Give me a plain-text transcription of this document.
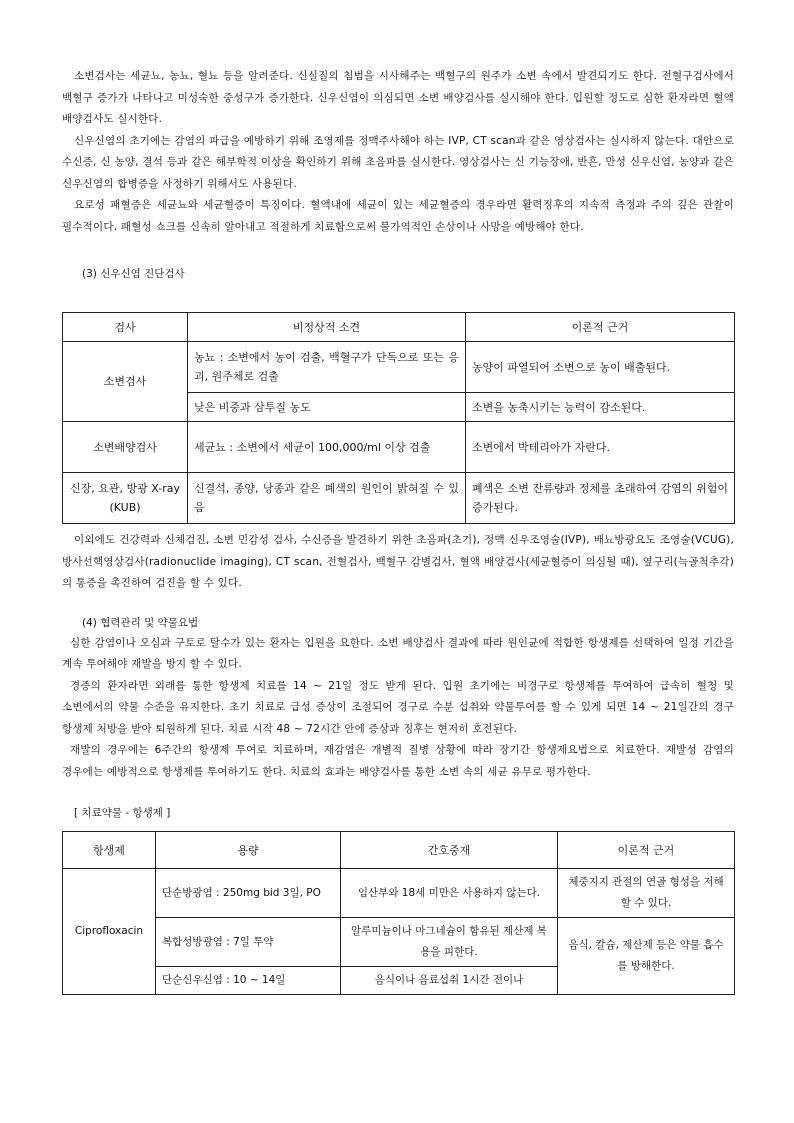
소변검사는 세균뇨, 농뇨, 혈뇨 등을 알려준다. 신실질의 침범을 시사해주는 백혈구의 원주가 소변 속에서 발견되기도 한다. 전혈구검사에서 백혈구 증가가 나타나고 미성숙한 중성구가 증가한다. 신우신염이 의심되면 소변 배양검사를 실시해야 한다. 입원할 정도로 심한 환자라면 혈액 배양검사도 실시한다.

신우신염의 초기에는 감염의 파급을 예방하기 위해 조영제를 정맥주사해야 하는 IVP, CT scan과 같은 영상검사는 실시하지 않는다. 대안으로 수신증, 신 농양, 결석 등과 같은 해부학적 이상을 확인하기 위해 초음파를 실시한다. 영상검사는 신 기능장애, 반흔, 만성 신우신염, 농양과 같은 신우신염의 합병증을 사정하기 위해서도 사용된다.

요로성 패혈증은 세균뇨와 세균혈증이 특징이다. 혈액내에 세균이 있는 세균혈증의 경우라면 활력징후의 지속적 측정과 주의 깊은 관찰이 필수적이다. 패혈성 쇼크를 신속히 알아내고 적절하게 치료함으로써 불가역적인 손상이나 사망을 예방해야 한다.

(3) 신우신염 진단검사

검사	비정상적 소견	이론적 근거
소변검사	농뇨 : 소변에서 농이 검출, 백혈구가 단독으로 또는 응괴, 원주체로 검출	농양이 파열되어 소변으로 농이 배출된다.
	낮은 비중과 삼투질 농도	소변을 농축시키는 능력이 감소된다.
소변배양검사	세균뇨 : 소변에서 세균이 100,000/ml 이상 검출	소변에서 박테리아가 자란다.
신장, 요관, 방광 X-ray (KUB)	신결석, 종양, 낭종과 같은 폐색의 원인이 밝혀질 수 있음	폐색은 소변 잔류량과 정체를 초래하여 감염의 위험이 증가된다.

이외에도 건강력과 신체검진, 소변 민감성 검사, 수신증을 발견하기 위한 초음파(초기), 정맥 신우조영술(IVP), 배뇨방광요도 조영술(VCUG), 방사선핵영상검사(radionuclide imaging), CT scan, 전혈검사, 백혈구 감별검사, 혈액 배양검사(세균혈증이 의심될 때), 옆구리(늑골척추각)의 통증을 촉진하여 검진을 할 수 있다.

(4) 협력관리 및 약물요법

심한 감염이나 오심과 구토로 탈수가 있는 환자는 입원을 요한다. 소변 배양검사 결과에 따라 원인균에 적합한 항생제를 선택하여 일정 기간을 계속 투여해야 재발을 방지 할 수 있다.

경증의 환자라면 외래를 통한 항생제 치료를 14 ~ 21일 정도 받게 된다. 입원 초기에는 비경구로 항생제를 투여하여 급속히 혈청 및 소변에서의 약물 수준을 유지한다. 초기 치료로 급성 증상이 조절되어 경구로 수분 섭취와 약물투여를 할 수 있게 되면 14 ~ 21일간의 경구 항생제 처방을 받아 퇴원하게 된다. 치료 시작 48 ~ 72시간 안에 증상과 징후는 현저히 호전된다.

재발의 경우에는 6주간의 항생제 투여로 치료하며, 재감염은 개별적 질병 상황에 따라 장기간 항생제요법으로 치료한다. 재발성 감염의 경우에는 예방적으로 항생제를 투여하기도 한다. 치료의 효과는 배양검사를 통한 소변 속의 세균 유무로 평가한다.

[ 치료약물 - 항생제 ]

항생제	용량	간호중재	이론적 근거
Ciprofloxacin	단순방광염 : 250mg bid 3일, PO	임산부와 18세 미만은 사용하지 않는다.	체중지지 관절의 연골 형성을 저해할 수 있다.
	복합성방광염 : 7일 투약	알루미늄이나 마그네슘이 함유된 제산제 복용을 피한다.	음식, 칼슘, 제산제 등은 약물 흡수를 방해한다.
	단순신우신염 : 10 ~ 14일	음식이나 음료섭취 1시간 전이나	
